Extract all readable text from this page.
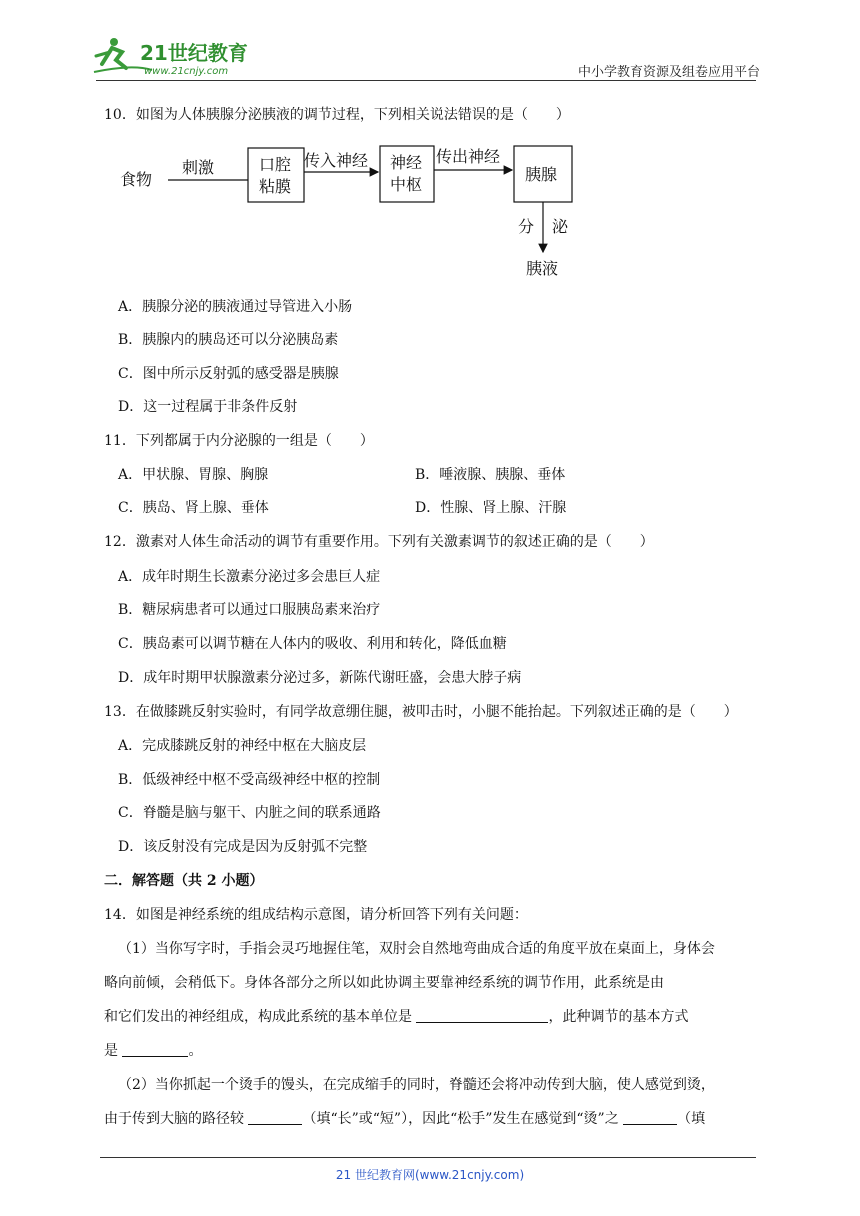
21世纪教育
www.21cnjy.com	中小学教育资源及组卷应用平台
10．如图为人体胰腺分泌胰液的调节过程，下列相关说法错误的是（　　）
食物
刺激	口腔
粘膜
传入神经 神经
中枢
传出神经
胰腺
分 泌
胰液
A．胰腺分泌的胰液通过导管进入小肠
B．胰腺内的胰岛还可以分泌胰岛素
C．图中所示反射弧的感受器是胰腺
D．这一过程属于非条件反射
11．下列都属于内分泌腺的一组是（　　）
A．甲状腺、胃腺、胸腺	B．唾液腺、胰腺、垂体
C．胰岛、肾上腺、垂体	D．性腺、肾上腺、汗腺
12．激素对人体生命活动的调节有重要作用。下列有关激素调节的叙述正确的是（　　）
A．成年时期生长激素分泌过多会患巨人症
B．糖尿病患者可以通过口服胰岛素来治疗
C．胰岛素可以调节糖在人体内的吸收、利用和转化，降低血糖
D．成年时期甲状腺激素分泌过多，新陈代谢旺盛，会患大脖子病
13．在做膝跳反射实验时，有同学故意绷住腿，被叩击时，小腿不能抬起。下列叙述正确的是（　　）
A．完成膝跳反射的神经中枢在大脑皮层
B．低级神经中枢不受高级神经中枢的控制
C．脊髓是脑与躯干、内脏之间的联系通路
D．该反射没有完成是因为反射弧不完整
二．解答题（共 2 小题）
14．如图是神经系统的组成结构示意图，请分析回答下列有关问题：
（1）当你写字时，手指会灵巧地握住笔，双肘会自然地弯曲成合适的角度平放在桌面上，身体会
略向前倾，会稍低下。身体各部分之所以如此协调主要靠神经系统的调节作用，此系统是由
和它们发出的神经组成，构成此系统的基本单位是	，此种调节的基本方式
是	。
（2）当你抓起一个烫手的馒头，在完成缩手的同时，脊髓还会将冲动传到大脑，使人感觉到烫，
由于传到大脑的路径较	（填“长”或“短”），因此“松手”发生在感觉到“烫”之	（填
21 世纪教育网(www.21cnjy.com)
